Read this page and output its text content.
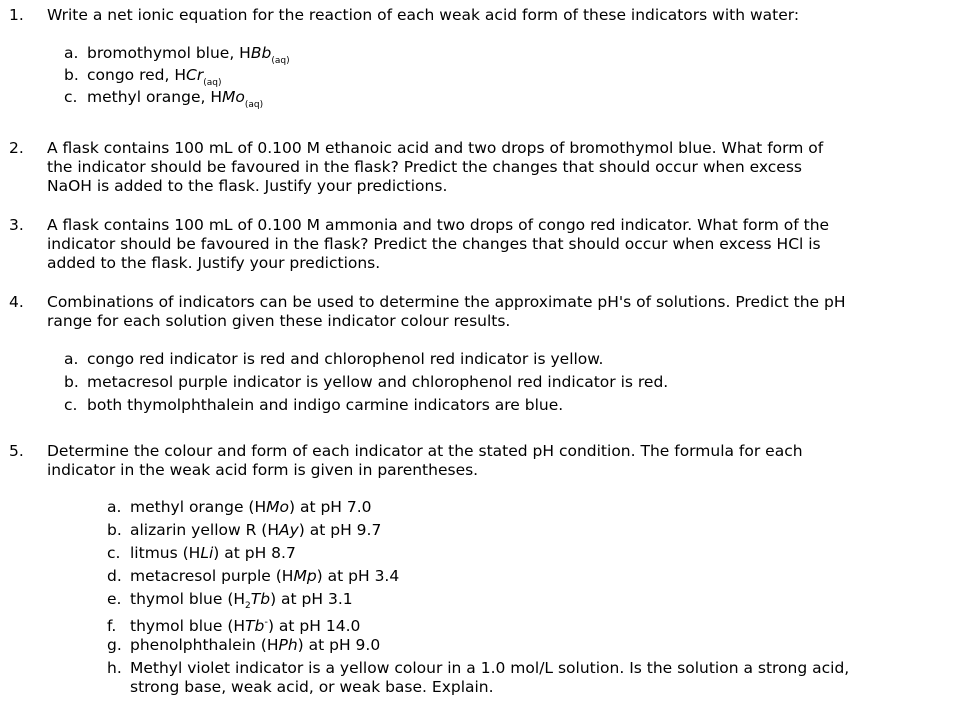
1. Write a net ionic equation for the reaction of each weak acid form of these indicators with water:
a. bromothymol blue, HBb$_{(aq)}$
b. congo red, HCr$_{(aq)}$
c. methyl orange, HMo$_{(aq)}$
2. A flask contains 100 mL of 0.100 M ethanoic acid and two drops of bromothymol blue. What form of
the indicator should be favoured in the flask? Predict the changes that should occur when excess
NaOH is added to the flask. Justify your predictions.
3. A flask contains 100 mL of 0.100 M ammonia and two drops of congo red indicator. What form of the
indicator should be favoured in the flask? Predict the changes that should occur when excess HCl is
added to the flask. Justify your predictions.
4. Combinations of indicators can be used to determine the approximate pH's of solutions. Predict the pH
range for each solution given these indicator colour results.
a. congo red indicator is red and chlorophenol red indicator is yellow.
b. metacresol purple indicator is yellow and chlorophenol red indicator is red.
c. both thymolphthalein and indigo carmine indicators are blue.
5. Determine the colour and form of each indicator at the stated pH condition. The formula for each
indicator in the weak acid form is given in parentheses.
a. methyl orange (HMo) at pH 7.0
b. alizarin yellow R (HAy) at pH 9.7
c. litmus (HLi) at pH 8.7
d. metacresol purple (HMp) at pH 3.4
e. thymol blue $(H_2Tb)$ at pH 3.1
f. thymol blue (HTb-) at pH 14.0
g. phenolphthalein (HPh) at pH 9.0
h. Methyl violet indicator is a yellow colour in a 1.0 mol/L solution. Is the solution a strong acid,
strong base, weak acid, or weak base. Explain.
